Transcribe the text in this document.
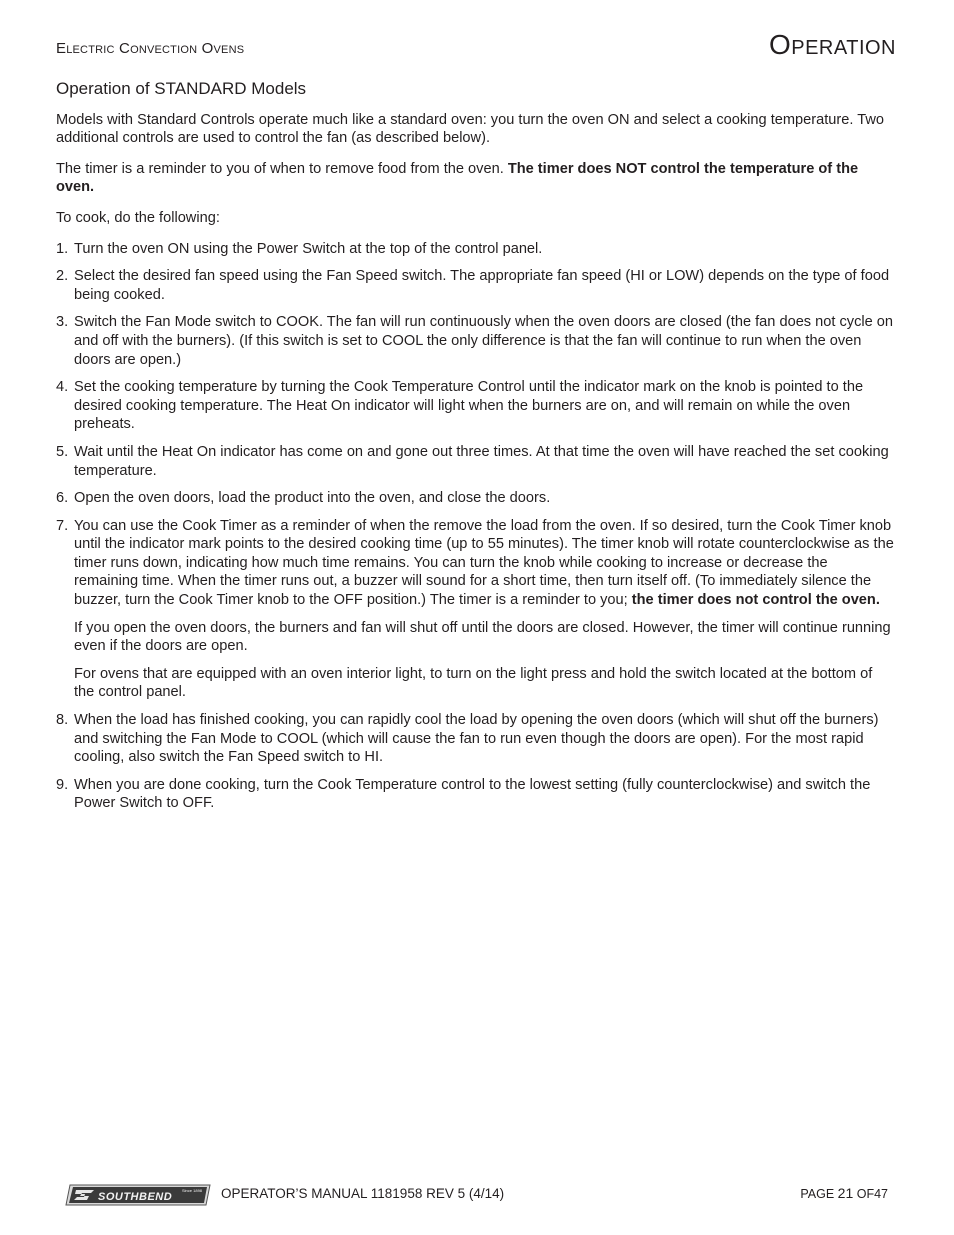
Electric Convection Ovens	Operation
Operation of STANDARD Models

Models with Standard Controls operate much like a standard oven: you turn the oven ON and select a cooking temperature. Two additional controls are used to control the fan (as described below).

The timer is a reminder to you of when to remove food from the oven. The timer does NOT control the temperature of the oven.

To cook, do the following:

1. Turn the oven ON using the Power Switch at the top of the control panel.
2. Select the desired fan speed using the Fan Speed switch. The appropriate fan speed (HI or LOW) depends on the type of food being cooked.
3. Switch the Fan Mode switch to COOK. The fan will run continuously when the oven doors are closed (the fan does not cycle on and off with the burners). (If this switch is set to COOL the only difference is that the fan will continue to run when the oven doors are open.)
4. Set the cooking temperature by turning the Cook Temperature Control until the indicator mark on the knob is pointed to the desired cooking temperature. The Heat On indicator will light when the burners are on, and will remain on while the oven preheats.
5. Wait until the Heat On indicator has come on and gone out three times. At that time the oven will have reached the set cooking temperature.
6. Open the oven doors, load the product into the oven, and close the doors.
7. You can use the Cook Timer as a reminder of when the remove the load from the oven. If so desired, turn the Cook Timer knob until the indicator mark points to the desired cooking time (up to 55 minutes). The timer knob will rotate counterclockwise as the timer runs down, indicating how much time remains. You can turn the knob while cooking to increase or decrease the remaining time. When the timer runs out, a buzzer will sound for a short time, then turn itself off. (To immediately silence the buzzer, turn the Cook Timer knob to the OFF position.) The timer is a reminder to you; the timer does not control the oven.

If you open the oven doors, the burners and fan will shut off until the doors are closed. However, the timer will continue running even if the doors are open.

For ovens that are equipped with an oven interior light, to turn on the light press and hold the switch located at the bottom of the control panel.

8. When the load has finished cooking, you can rapidly cool the load by opening the oven doors (which will shut off the burners) and switching the Fan Mode to COOL (which will cause the fan to run even though the doors are open). For the most rapid cooling, also switch the Fan Speed switch to HI.
9. When you are done cooking, turn the Cook Temperature control to the lowest setting (fully counterclockwise) and switch the Power Switch to OFF.
SOUTHBEND
Since 1898 OPERATOR’S MANUAL 1181958 REV 5 (4/14)	PAGE 21 OF47
